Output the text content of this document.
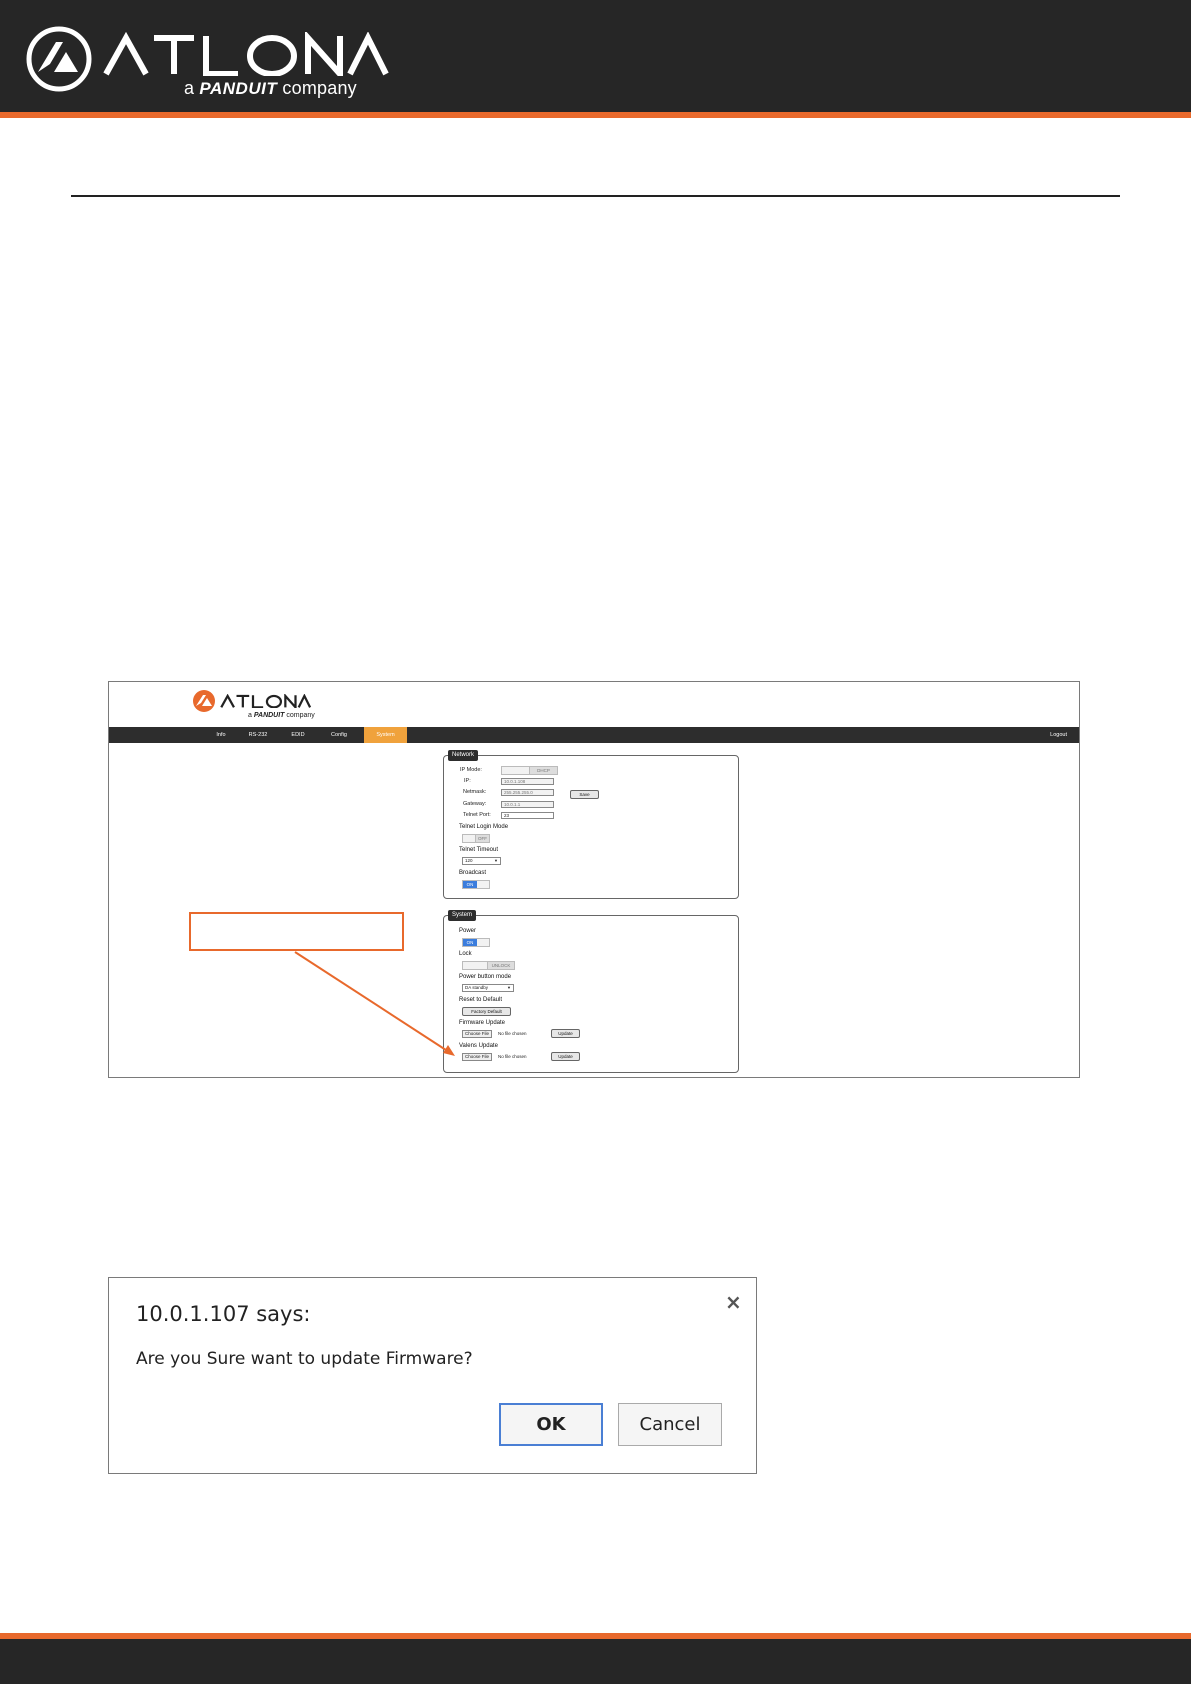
a PANDUIT company
a PANDUIT company
Info	RS-232	EDID	Config	System	Logout
Network
IP Mode:	DHCP
IP:	10.0.1.108
Netmask:	255.255.255.0	Save
Gateway:	10.0.1.1
Telnet Port:	23
Telnet Login Mode
OFF
Telnet Timeout
120	▼
Broadcast
ON
System
Power
ON
Lock
UNLOCK
Power button mode
DA standby	▼
Reset to Default
Factory Default
Firmware Update
Choose File	No file chosen	Update
Valens Update
Choose File	No file chosen	Update
10.0.1.107 says:	×
Are you Sure want to update Firmware?
OK	Cancel
